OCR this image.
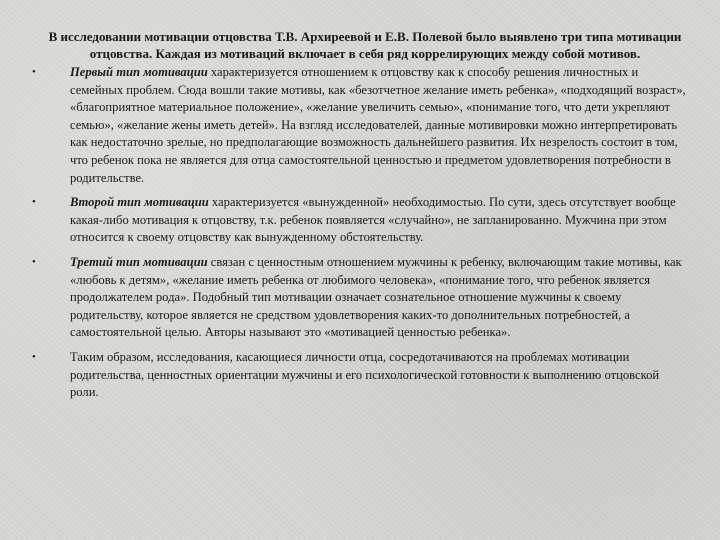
В исследовании мотивации отцовства Т.В. Архиреевой и Е.В. Полевой было выявлено три типа мотивации отцовства. Каждая из мотиваций включает в себя ряд коррелирующих между собой мотивов.

•	Первый тип мотивации характеризуется отношением к отцовству как к способу решения личностных и семейных проблем. Сюда вошли такие мотивы, как «безотчетное желание иметь ребенка», «подходящий возраст», «благоприятное материальное положение», «желание увеличить семью», «понимание того, что дети укрепляют семью», «желание жены иметь детей». На взгляд исследователей, данные мотивировки можно интерпретировать как недостаточно зрелые, но предполагающие возможность дальнейшего развития. Их незрелость состоит в том, что ребенок пока не является для отца самостоятельной ценностью и предметом удовлетворения потребности в родительстве.
•	Второй тип мотивации характеризуется «вынужденной» необходимостью. По сути, здесь отсутствует вообще какая-либо мотивация к отцовству, т.к. ребенок появляется «случайно», не запланированно. Мужчина при этом относится к своему отцовству как вынужденному обстоятельству.
•	Третий тип мотивации связан с ценностным отношением мужчины к ребенку, включающим такие мотивы, как «любовь к детям», «желание иметь ребенка от любимого человека», «понимание того, что ребенок является продолжателем рода». Подобный тип мотивации означает сознательное отношение мужчины к своему родительству, которое является не средством удовлетворения каких-то дополнительных потребностей, а самостоятельной целью. Авторы называют это «мотивацией ценностью ребенка».
•	Таким образом, исследования, касающиеся личности отца, сосредотачиваются на проблемах мотивации родительства, ценностных ориентации мужчины и его психологической готовности к выполнению отцовской роли.
